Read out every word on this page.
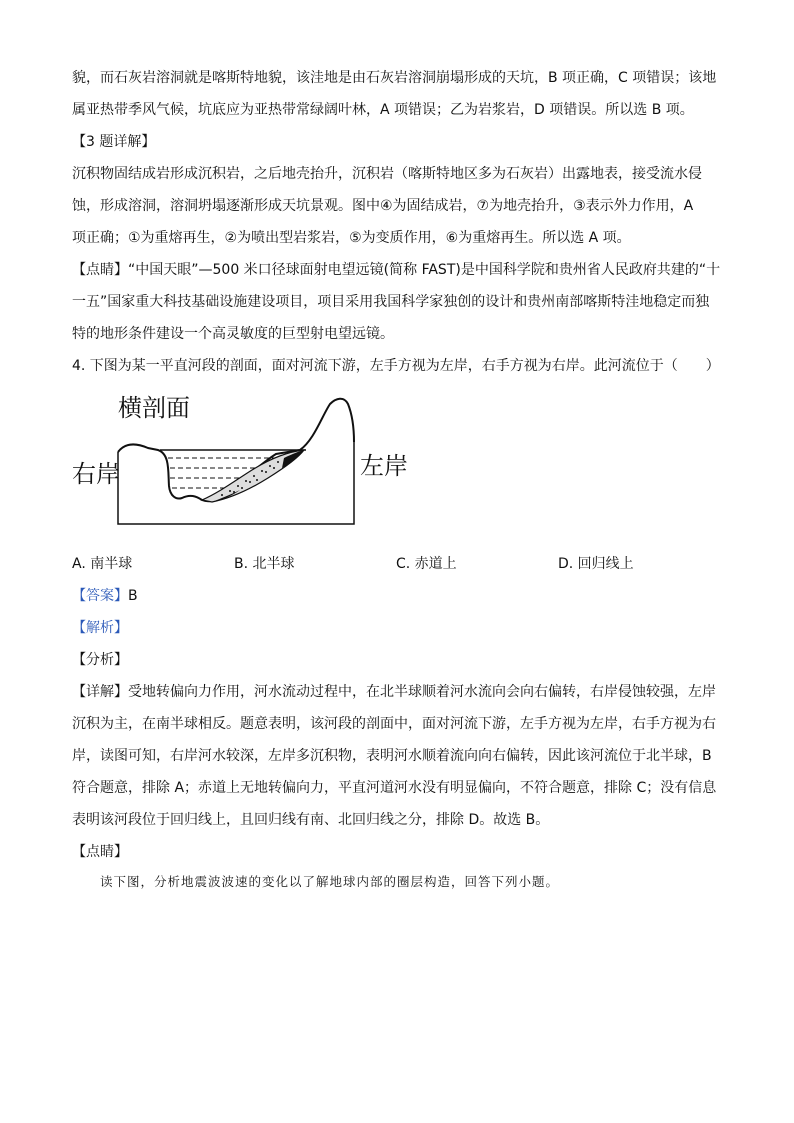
貌，而石灰岩溶洞就是喀斯特地貌，该洼地是由石灰岩溶洞崩塌形成的天坑，B 项正确，C 项错误；该地
属亚热带季风气候，坑底应为亚热带常绿阔叶林，A 项错误；乙为岩浆岩，D 项错误。所以选 B 项。
【3 题详解】
沉积物固结成岩形成沉积岩，之后地壳抬升，沉积岩（喀斯特地区多为石灰岩）出露地表，接受流水侵
蚀，形成溶洞，溶洞坍塌逐渐形成天坑景观。图中④为固结成岩，⑦为地壳抬升，③表示外力作用，A
项正确；①为重熔再生，②为喷出型岩浆岩，⑤为变质作用，⑥为重熔再生。所以选 A 项。
【点睛】“中国天眼”—500 米口径球面射电望远镜(简称 FAST)是中国科学院和贵州省人民政府共建的“十
一五”国家重大科技基础设施建设项目，项目采用我国科学家独创的设计和贵州南部喀斯特洼地稳定而独
特的地形条件建设一个高灵敏度的巨型射电望远镜。
4. 下图为某一平直河段的剖面，面对河流下游，左手方视为左岸，右手方视为右岸。此河流位于（　　）
横剖面
右岸	左岸
A. 南半球	B. 北半球	C. 赤道上	D. 回归线上
【答案】B
【解析】
【分析】
【详解】受地转偏向力作用，河水流动过程中，在北半球顺着河水流向会向右偏转，右岸侵蚀较强，左岸
沉积为主，在南半球相反。题意表明，该河段的剖面中，面对河流下游，左手方视为左岸，右手方视为右
岸，读图可知，右岸河水较深，左岸多沉积物，表明河水顺着流向向右偏转，因此该河流位于北半球，B
符合题意，排除 A；赤道上无地转偏向力，平直河道河水没有明显偏向，不符合题意，排除 C；没有信息
表明该河段位于回归线上，且回归线有南、北回归线之分，排除 D。故选 B。
【点睛】
读下图，分析地震波波速的变化以了解地球内部的圈层构造，回答下列小题。
